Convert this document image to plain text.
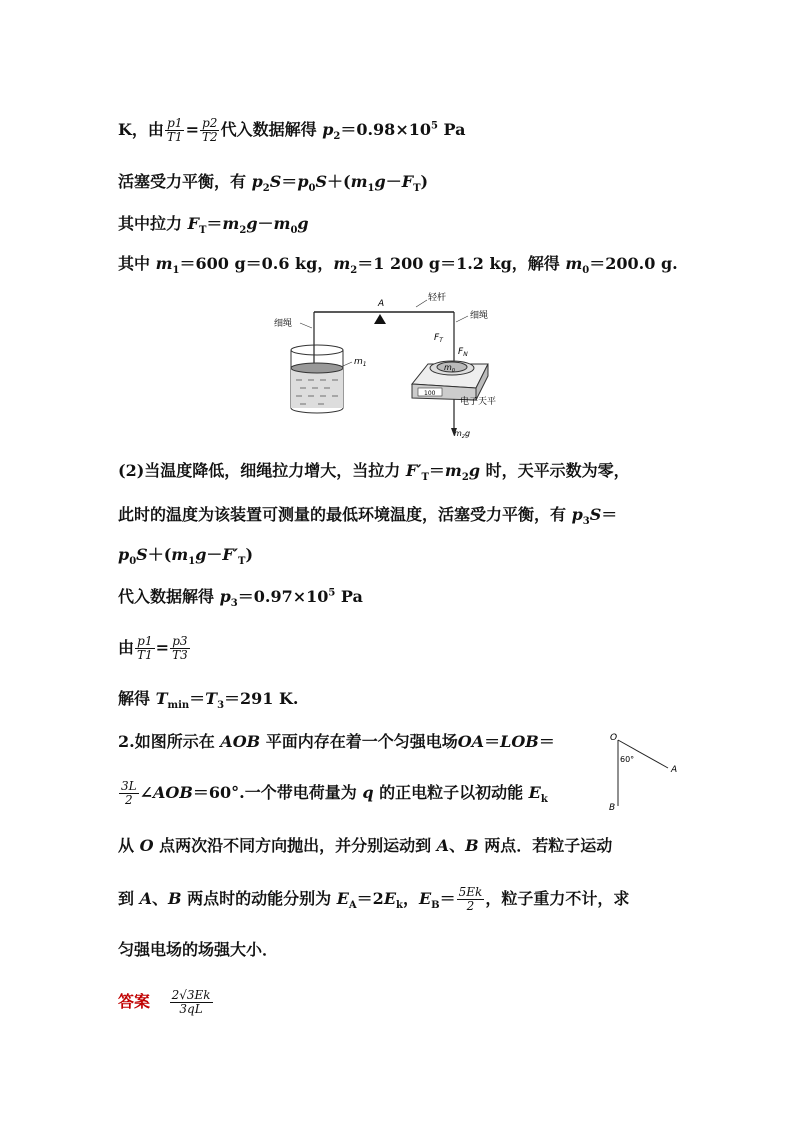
K，由 $\frac{p1}{T1} = \frac{p2}{T2}$ 代入数据解得 $p_2=0.98\times 10^5$ Pa
活塞受力平衡，有 $p_2S=p_0S+(m_1g-F_T)$
其中拉力 $F_T=m_2g-m_0g$
其中 $m_1=600$ g＝0.6 kg，$m_2=1$ 200 g＝1.2 kg，解得 $m_0=200.0$ g.
A
轻杆
细绳
$m_1$
细绳
$F_T$
$F_N$
$m_0$
100
电子天平
$m_2g$
(2)当温度降低，细绳拉力增大，当拉力 $F'_T=m_2g$ 时，天平示数为零，
此时的温度为该装置可测量的最低环境温度，活塞受力平衡，有 $p_3S=$
$p_0S+(m_1g-F'_T)$
代入数据解得 $p_3=0.97\times 10^5$ Pa
由 $\frac{p1}{T1} = \frac{p3}{T3}$
解得 $T_{min}=T_3=291$ K.
2.如图所示在 AOB 平面内存在着一个匀强电场OA＝LOB＝
$\frac{3L}{2}$ ∠AOB＝60°.一个带电荷量为 q 的正电粒子以初动能 $E_k$
从 O 点两次沿不同方向抛出，并分别运动到 A、B 两点．若粒子运动
到 A、B 两点时的动能分别为 $E_A=2E_k$，$E_B= \frac{5Ek}{2}$ ，粒子重力不计，求
匀强电场的场强大小．
O
A
B
60°
答案 $\frac{2√3Ek}{3qL}$
